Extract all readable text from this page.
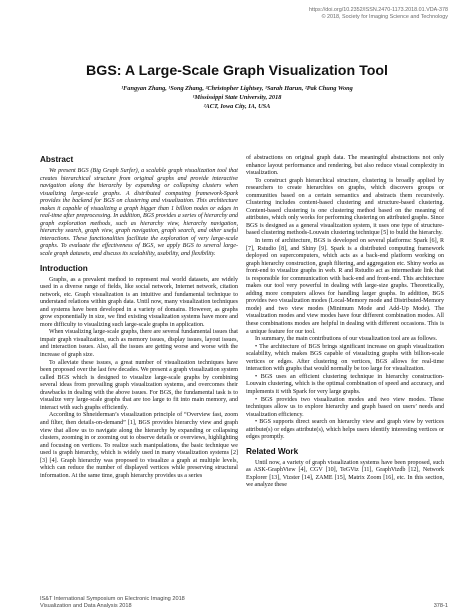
https://doi.org/10.2352/ISSN.2470-1173.2018.01.VDA-378
© 2018, Society for Imaging Science and Technology
BGS: A Large-Scale Graph Visualization Tool
¹Fangyan Zhang, ¹Song Zhang, ²Christopher Lightsey, ¹Sarah Harun, ²Pak Chung Wong
¹Mississippi State University, 2018
²ACT, Iowa City, IA, USA
Abstract

We present BGS (Big Graph Surfer), a scalable graph visualization tool that creates hierarchical structure from original graphs and provide interactive navigation along the hierarchy by expanding or collapsing clusters when visualizing large-scale graphs. A distributed computing framework-Spark provides the backend for BGS on clustering and visualization. This architecture makes it capable of visualizing a graph bigger than 1 billion nodes or edges in real-time after preprocessing. In addition, BGS provides a series of hierarchy and graph exploration methods, such as hierarchy view, hierarchy navigation, hierarchy search, graph view, graph navigation, graph search, and other useful interactions. These functionalities facilitate the exploration of very large-scale graphs. To evaluate the effectiveness of BGS, we apply BGS to several large-scale graph datasets, and discuss its scalability, usability, and flexibility.

Introduction

Graphs, as a prevalent method to represent real world datasets, are widely used in a diverse range of fields, like social network, Internet network, citation network, etc. Graph visualization is an intuitive and fundamental technique to understand relations within graph data. Until now, many visualization techniques and systems have been developed in a variety of domains. However, as graphs grow exponentially in size, we find existing visualization systems have more and more difficulty to visualizing such large-scale graphs in application.

When visualizing large-scale graphs, there are several fundamental issues that impair graph visualization, such as memory issues, display issues, layout issues, and interaction issues. Also, all the issues are getting worse and worse with the increase of graph size.

To alleviate these issues, a great number of visualization techniques have been proposed over the last few decades. We present a graph visualization system called BGS which is designed to visualize large-scale graphs by combining several ideas from prevailing graph visualization systems, and overcomes their drawbacks in dealing with the above issues. For BGS, the fundamental task is to visualize very large-scale graphs that are too large to fit into main memory, and interact with such graphs efficiently.

According to Shneiderman’s visualization principle of “Overview fast, zoom and filter, then details-on-demand” [1], BGS provides hierarchy view and graph view that allow us to navigate along the hierarchy by expanding or collapsing clusters, zooming in or zooming out to observe details or overviews, highlighting and focusing on vertices. To realize such manipulations, the basic technique we used is graph hierarchy, which is widely used in many visualization systems [2] [3] [4]. Graph hierarchy was proposed to visualize a graph at multiple levels, which can reduce the number of displayed vertices while preserving structural information. At the same time, graph hierarchy provides us a series

of abstractions on original graph data. The meaningful abstractions not only enhance layout performance and rendering, but also reduce visual complexity in visualization.

To construct graph hierarchical structure, clustering is broadly applied by researchers to create hierarchies on graphs, which discovers groups or communities based on a certain semantics and abstracts them recursively. Clustering includes content-based clustering and structure-based clustering. Content-based clustering is one clustering method based on the meaning of attributes, which only works for performing clustering on attributed graphs. Since BGS is designed as a general visualization system, it uses one type of structure-based clustering methods-Louvain clustering technique [5] to build the hierarchy.

In term of architecture, BGS is developed on several platforms: Spark [6], R [7], Rstudio [8], and Shiny [9]. Spark is a distributed computing framework deployed on supercomputers, which acts as a back-end platform working on graph hierarchy construction, graph filtering, and aggregation etc. Shiny works as front-end to visualize graphs in web. R and Rstudio act as intermediate link that is responsible for communication with back-end and front-end. This architecture makes our tool very powerful in dealing with large-size graphs. Theoretically, adding more computers allows for handling larger graphs. In addition, BGS provides two visualization modes (Local-Memory mode and Distributed-Memory mode) and two view modes (Minimum Mode and Add-Up Mode). The visualization modes and view modes have four different combination modes. All these combinations modes are helpful in dealing with different occasions. This is a unique feature for our tool.

In summary, the main contributions of our visualization tool are as follows.

• The architecture of BGS brings significant increase on graph visualization scalability, which makes BGS capable of visualizing graphs with billion-scale vertices or edges. After clustering on vertices, BGS allows for real-time interaction with graphs that would normally be too large for visualization.

• BGS uses an efficient clustering technique in hierarchy construction-Louvain clustering, which is the optimal combination of speed and accuracy, and implements it with Spark for very large graphs.

• BGS provides two visualization modes and two view modes. These techniques allow us to explore hierarchy and graph based on users’ needs and visualization efficiency.

• BGS supports direct search on hierarchy view and graph view by vertices attribute(s) or edges attribute(s), which helps users identify interesting vertices or edges promptly.

Related Work

Until now, a variety of graph visualization systems have been proposed, such as ASK-GraphView [4], CGV [10], TeGViz [11], GraphVizdb [12], Network Explorer [13], Vizster [14], ZAME [15], Matrix Zoom [16], etc. In this section, we analyze these

IS&T International Symposium on Electronic Imaging 2018
Visualization and Data Analysis 2018	378-1
